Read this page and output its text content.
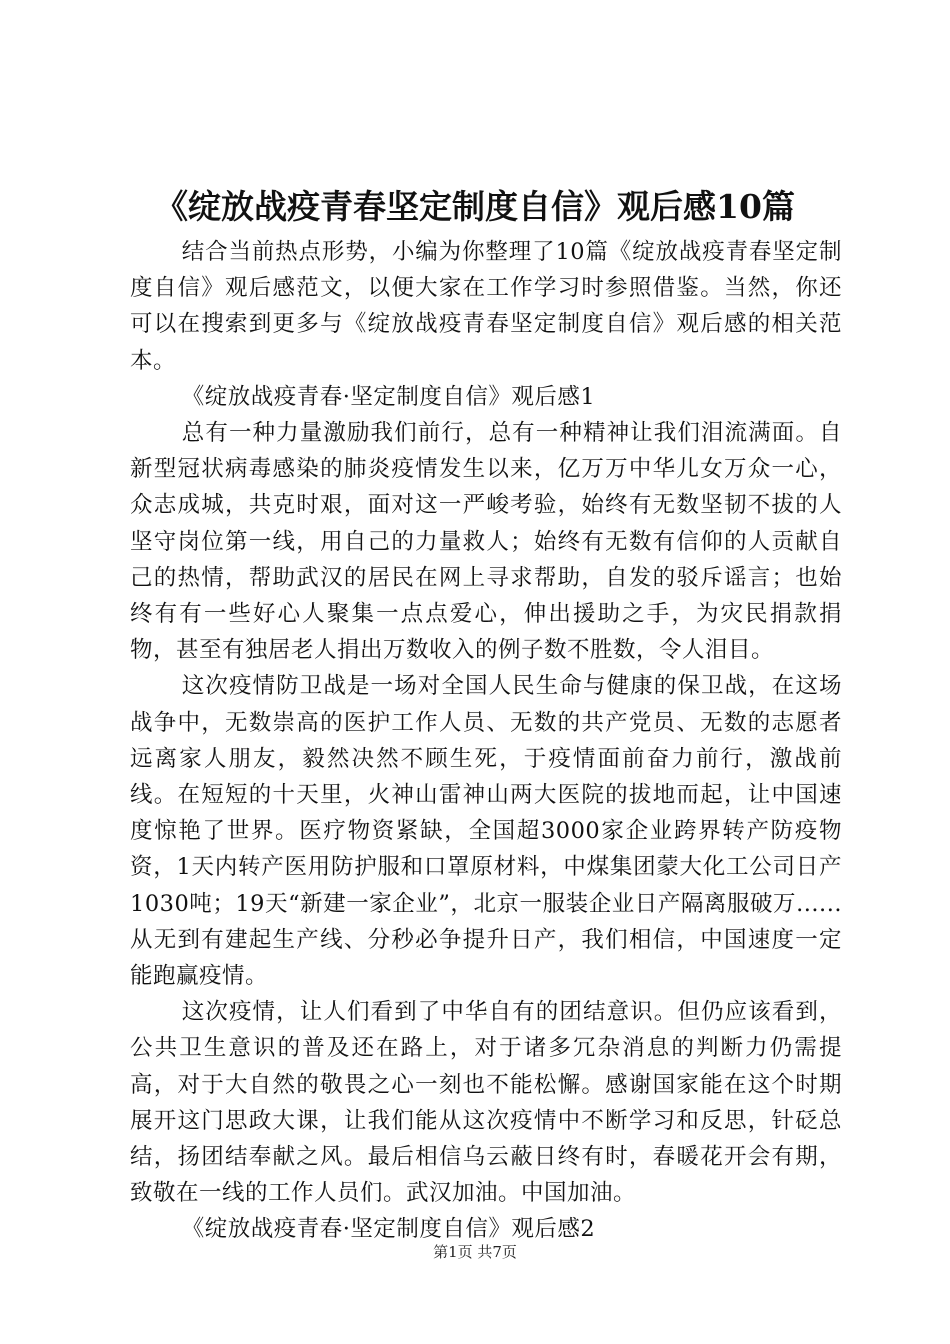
《绽放战疫青春坚定制度自信》观后感10篇

结合当前热点形势，小编为你整理了10篇《绽放战疫青春坚定制度自信》观后感范文，以便大家在工作学习时参照借鉴。当然，你还可以在搜索到更多与《绽放战疫青春坚定制度自信》观后感的相关范本。

《绽放战疫青春·坚定制度自信》观后感1

总有一种力量激励我们前行，总有一种精神让我们泪流满面。自新型冠状病毒感染的肺炎疫情发生以来，亿万万中华儿女万众一心，众志成城，共克时艰，面对这一严峻考验，始终有无数坚韧不拔的人坚守岗位第一线，用自己的力量救人；始终有无数有信仰的人贡献自己的热情，帮助武汉的居民在网上寻求帮助，自发的驳斥谣言；也始终有有一些好心人聚集一点点爱心，伸出援助之手，为灾民捐款捐物，甚至有独居老人捐出万数收入的例子数不胜数，令人泪目。

这次疫情防卫战是一场对全国人民生命与健康的保卫战，在这场战争中，无数崇高的医护工作人员、无数的共产党员、无数的志愿者远离家人朋友，毅然决然不顾生死，于疫情面前奋力前行，激战前线。在短短的十天里，火神山雷神山两大医院的拔地而起，让中国速度惊艳了世界。医疗物资紧缺，全国超3000家企业跨界转产防疫物资，1天内转产医用防护服和口罩原材料，中煤集团蒙大化工公司日产1030吨；19天“新建一家企业”，北京一服装企业日产隔离服破万......从无到有建起生产线、分秒必争提升日产，我们相信，中国速度一定能跑赢疫情。

这次疫情，让人们看到了中华自有的团结意识。但仍应该看到，公共卫生意识的普及还在路上，对于诸多冗杂消息的判断力仍需提高，对于大自然的敬畏之心一刻也不能松懈。感谢国家能在这个时期展开这门思政大课，让我们能从这次疫情中不断学习和反思，针砭总结，扬团结奉献之风。最后相信乌云蔽日终有时，春暖花开会有期，致敬在一线的工作人员们。武汉加油。中国加油。

《绽放战疫青春·坚定制度自信》观后感2

第1页 共7页
